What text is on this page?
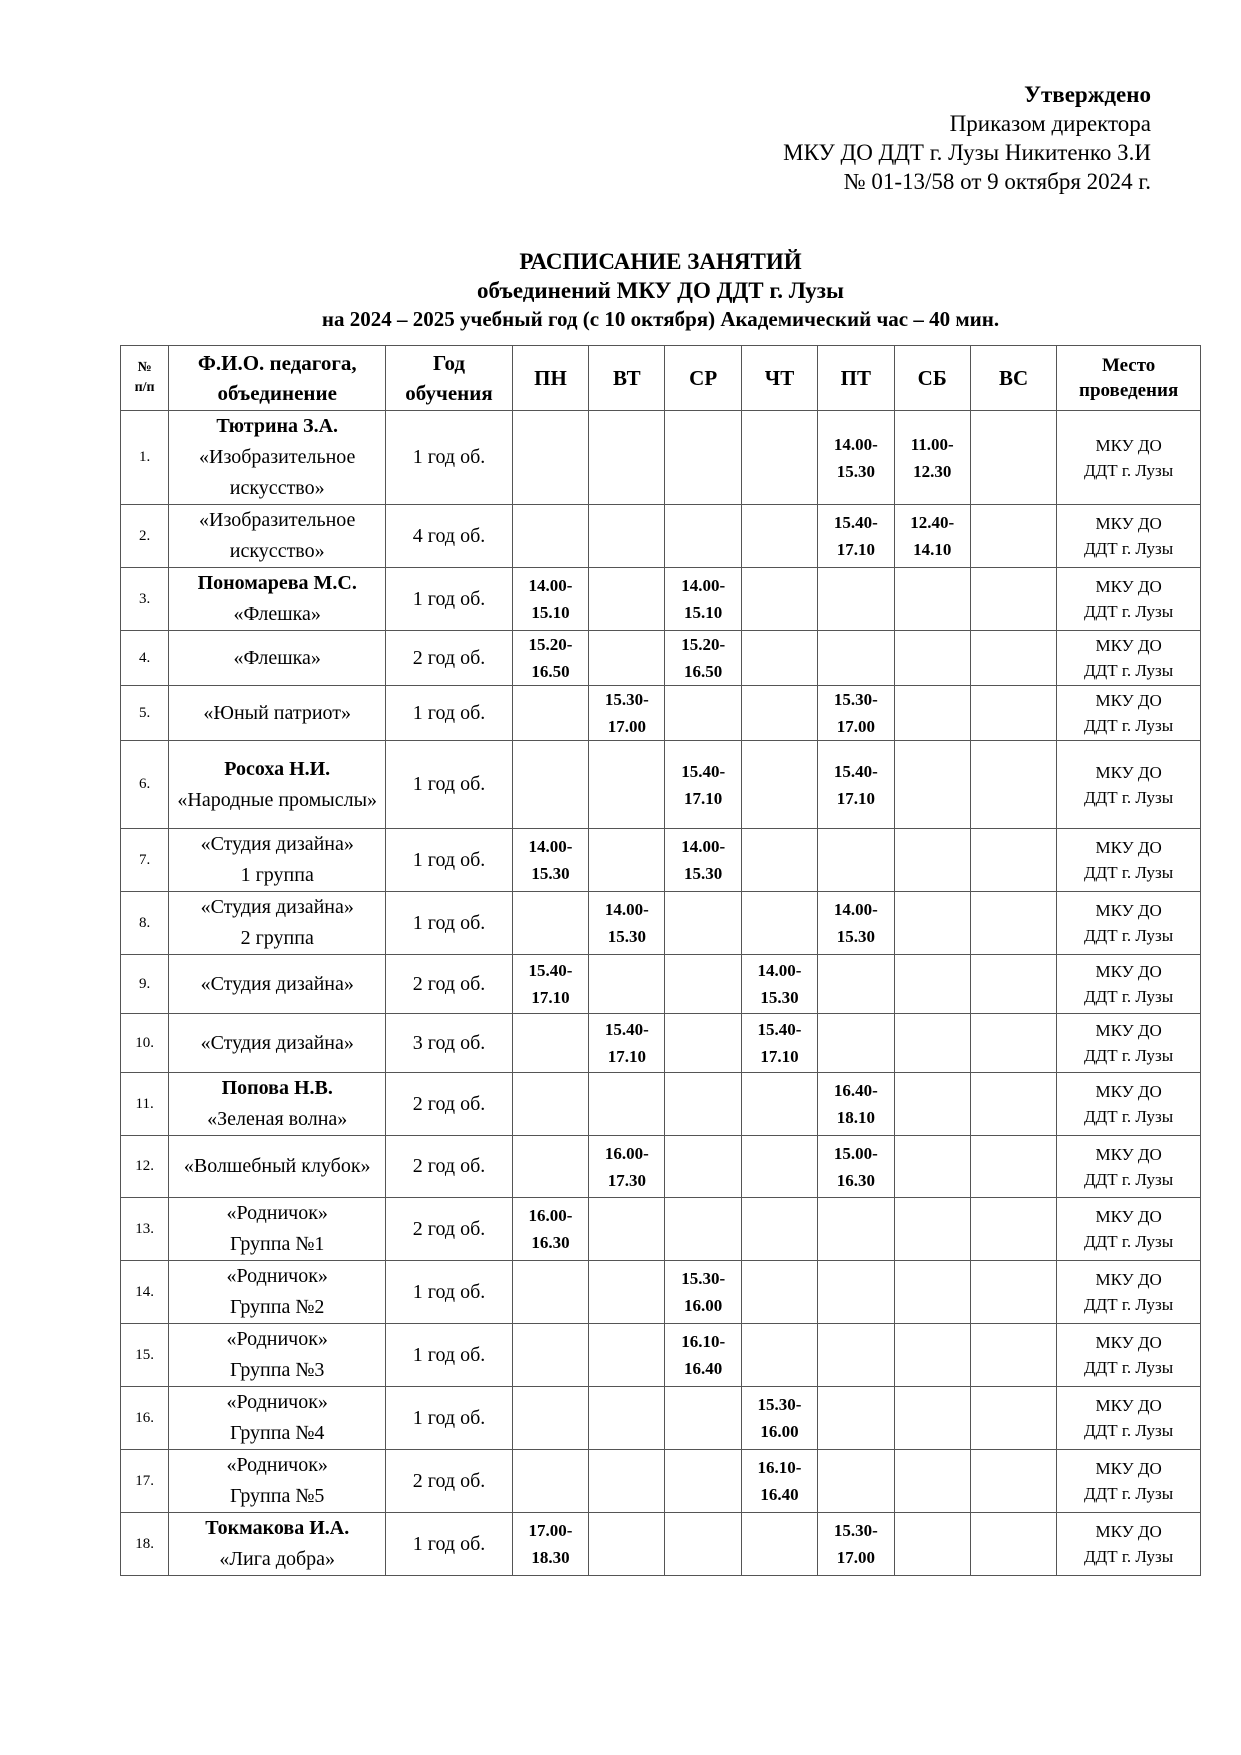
Утверждено
Приказом директора
МКУ ДО ДДТ г. Лузы Никитенко З.И
№ 01-13/58 от 9 октября 2024 г.
РАСПИСАНИЕ ЗАНЯТИЙ
объединений МКУ ДО ДДТ г. Лузы
на 2024 – 2025 учебный год (с 10 октября) Академический час – 40 мин.
№
п/п	Ф.И.О. педагога, объединение	Год обучения	ПН	ВТ	СР	ЧТ	ПТ	СБ	ВС	Место проведения
1.	Тютрина З.А.
«Изобразительное искусство»	1 год об.					14.00-
15.30	11.00-
12.30		МКУ ДО
ДДТ г. Лузы
2.	«Изобразительное искусство»	4 год об.					15.40-
17.10	12.40-
14.10		МКУ ДО
ДДТ г. Лузы
3.	Пономарева М.С.
«Флешка»	1 год об.	14.00-
15.10		14.00-
15.10					МКУ ДО
ДДТ г. Лузы
4.	«Флешка»	2 год об.	15.20-
16.50		15.20-
16.50					МКУ ДО
ДДТ г. Лузы
5.	«Юный патриот»	1 год об.		15.30-
17.00			15.30-
17.00			МКУ ДО
ДДТ г. Лузы
6.	Росоха Н.И.
«Народные промыслы»	1 год об.			15.40-
17.10		15.40-
17.10			МКУ ДО
ДДТ г. Лузы
7.	«Студия дизайна»
1 группа	1 год об.	14.00-
15.30		14.00-
15.30					МКУ ДО
ДДТ г. Лузы
8.	«Студия дизайна»
2 группа	1 год об.		14.00-
15.30			14.00-
15.30			МКУ ДО
ДДТ г. Лузы
9.	«Студия дизайна»	2 год об.	15.40-
17.10			14.00-
15.30				МКУ ДО
ДДТ г. Лузы
10.	«Студия дизайна»	3 год об.		15.40-
17.10		15.40-
17.10				МКУ ДО
ДДТ г. Лузы
11.	Попова Н.В.
«Зеленая волна»	2 год об.					16.40-
18.10			МКУ ДО
ДДТ г. Лузы
12.	«Волшебный клубок»	2 год об.		16.00-
17.30			15.00-
16.30			МКУ ДО
ДДТ г. Лузы
13.	«Родничок»
Группа №1	2 год об.	16.00-
16.30							МКУ ДО
ДДТ г. Лузы
14.	«Родничок»
Группа №2	1 год об.			15.30-
16.00					МКУ ДО
ДДТ г. Лузы
15.	«Родничок»
Группа №3	1 год об.			16.10-
16.40					МКУ ДО
ДДТ г. Лузы
16.	«Родничок»
Группа №4	1 год об.				15.30-
16.00				МКУ ДО
ДДТ г. Лузы
17.	«Родничок»
Группа №5	2 год об.				16.10-
16.40				МКУ ДО
ДДТ г. Лузы
18.	Токмакова И.А.
«Лига добра»	1 год об.	17.00-
18.30				15.30-
17.00			МКУ ДО
ДДТ г. Лузы
